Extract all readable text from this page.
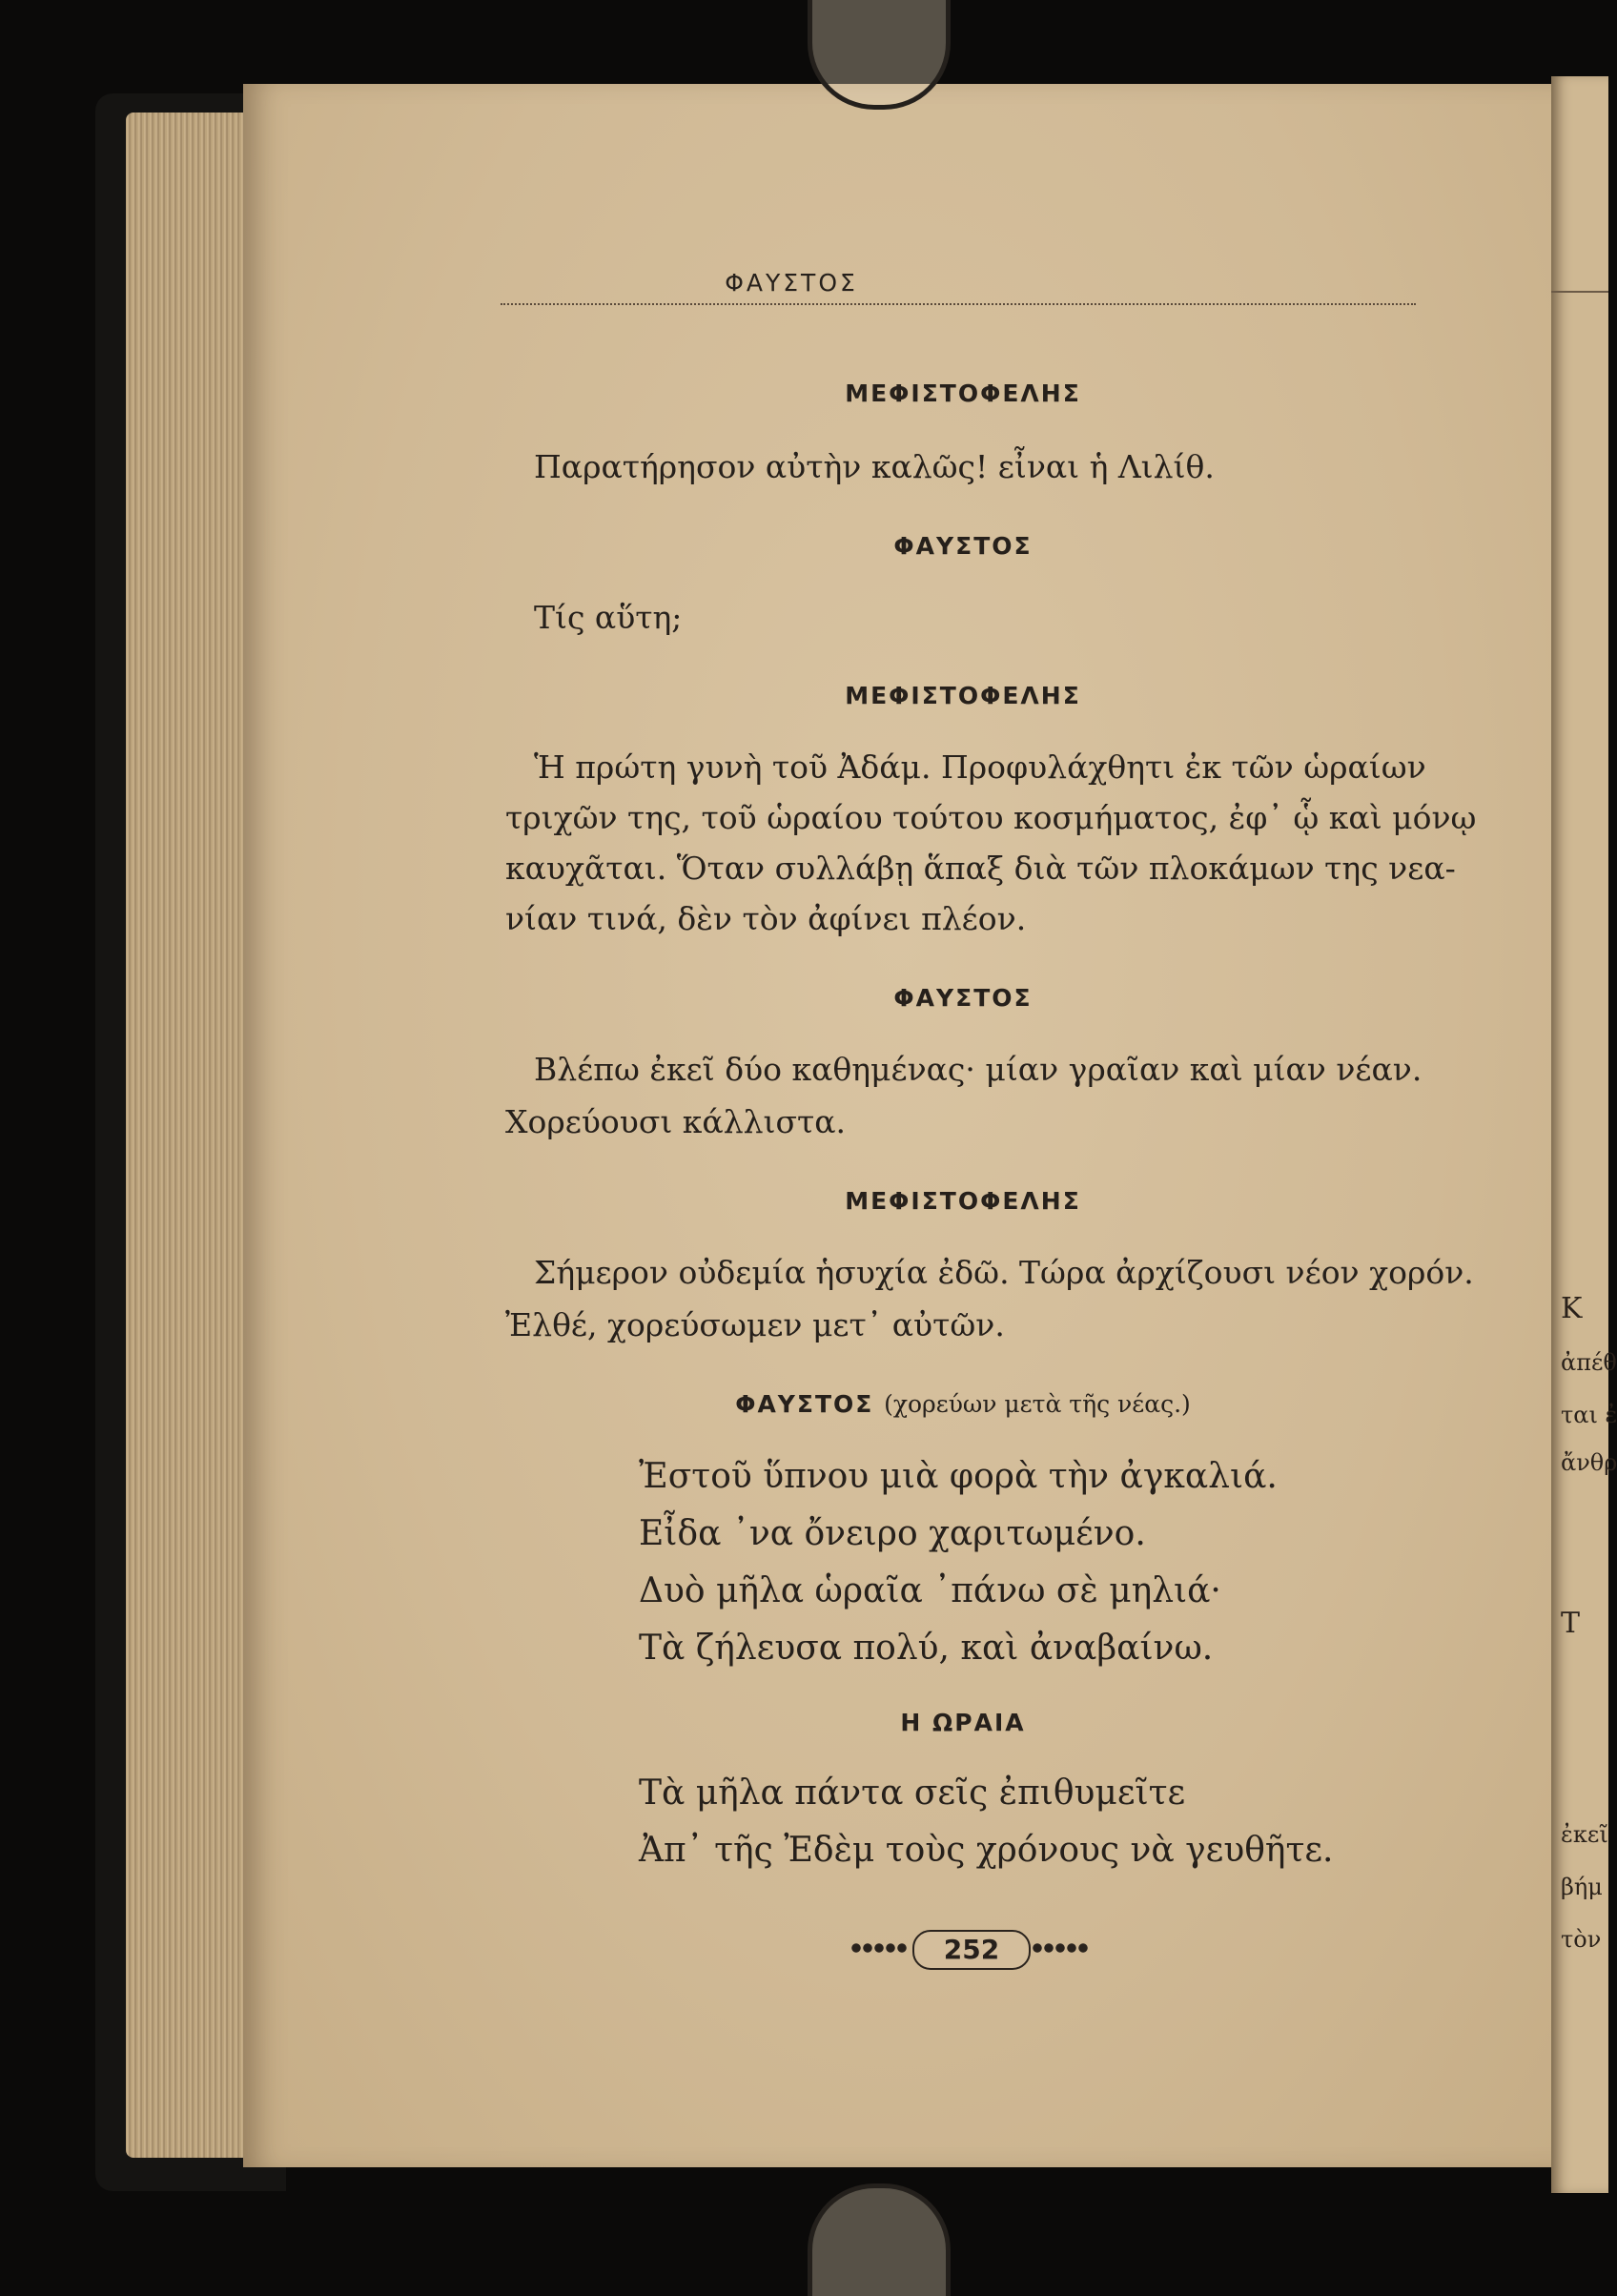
Κ
ἀπέθ
ται ἐ
ἄνθρ
Τ
ἐκεῖ
βήμ
τὸν
ΦΑΥΣΤΟΣ
ΜΕΦΙΣΤΟΦΕΛΗΣ
Παρατήρησον αὐτὴν καλῶς! εἶναι ἡ Λιλίθ.
ΦΑΥΣΤΟΣ
Τίς αὕτη;
ΜΕΦΙΣΤΟΦΕΛΗΣ
Ἡ πρώτη γυνὴ τοῦ Ἀδάμ. Προφυλάχθητι ἐκ τῶν ὡραίων
τριχῶν της, τοῦ ὡραίου τούτου κοσμήματος, ἐφ᾽ ᾧ καὶ μόνῳ
καυχᾶται. Ὅταν συλλάβῃ ἅπαξ διὰ τῶν πλοκάμων της νεα-
νίαν τινά, δὲν τὸν ἀφίνει πλέον.
ΦΑΥΣΤΟΣ
Βλέπω ἐκεῖ δύο καθημένας· μίαν γραῖαν καὶ μίαν νέαν.
Χορεύουσι κάλλιστα.
ΜΕΦΙΣΤΟΦΕΛΗΣ
Σήμερον οὐδεμία ἡσυχία ἐδῶ. Τώρα ἀρχίζουσι νέον χορόν.
Ἐλθέ, χορεύσωμεν μετ᾽ αὐτῶν.
ΦΑΥΣΤΟΣ (χορεύων μετὰ τῆς νέας.)
Ἐστοῦ ὕπνου μιὰ φορὰ τὴν ἀγκαλιά.
Εἶδα ᾽να ὄνειρο χαριτωμένο.
Δυὸ μῆλα ὡραῖα ᾽πάνω σὲ μηλιά·
Τὰ ζήλευσα πολύ, καὶ ἀναβαίνω.
Η ΩΡΑΙΑ
Τὰ μῆλα πάντα σεῖς ἐπιθυμεῖτε
Ἀπ᾽ τῆς Ἐδὲμ τοὺς χρόνους νὰ γευθῆτε.
252
